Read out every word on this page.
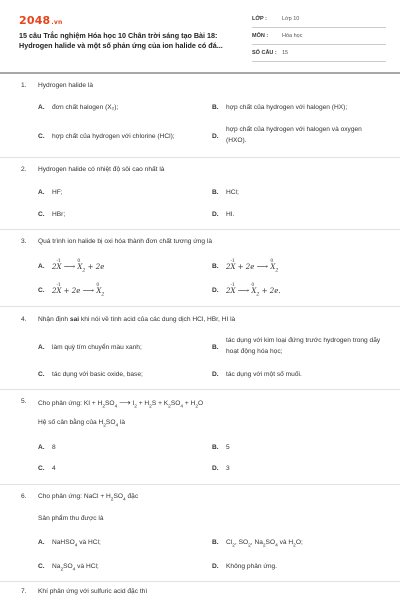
2048.vn
15 câu Trắc nghiệm Hóa học 10 Chân trời sáng tạo Bài 18:
Hydrogen halide và một số phản ứng của ion halide có đá...
LỚP :	Lớp 10
MÔN :	Hóa học
SỐ CÂU : 15
1. Hydrogen halide là
A. đơn chất halogen (X₂);	B. hợp chất của hydrogen với halogen (HX);
C. hợp chất của hydrogen với chlorine (HCl);	D.
hợp chất của hydrogen với halogen và oxygen (HXO).
2. Hydrogen halide có nhiệt độ sôi cao nhất là
A. HF;	B. HCl;
C. HBr;	D. HI.
3. Quá trình ion halide bị oxi hóa thành đơn chất tương ứng là
A. 2X
-1
⟶ X
0
$_2$ + 2e	B. 2X
-1
+ 2e ⟶ X
0
$_2$
C. 2X
-1
+ 2e ⟶ X
0
$_2$
D. 2X
-1
⟶ X
0
$_2$ + 2e.
4. Nhận định sai khi nói về tính acid của các dung dịch HCl, HBr, HI là
A. làm quỳ tím chuyển màu xanh;	B.
tác dụng với kim loại đứng trước hydrogen trong dãy hoạt động hóa học;
C. tác dụng với basic oxide, base;	D. tác dụng với một số muối.
5. Cho phản ứng: KI + $H_2SO_4$ ⟶ $I_2 + H_2S + K_2SO_4 + H_2O$
Hệ số cân bằng của $H_2SO_4$ là
A. 8	B. 5
C. 4	D. 3
6. Cho phản ứng: NaCl + $H_2SO_4$ đặc
Sản phẩm thu được là
A. NaHSO$_4$ và HCl;	B. $Cl_2$, $SO_2$, $Na_2SO_4$ và $H_2O$;
C. $Na_2SO_4$ và HCl;	D. Không phản ứng.
7. Khí phản ứng với sulfuric acid đặc thì
